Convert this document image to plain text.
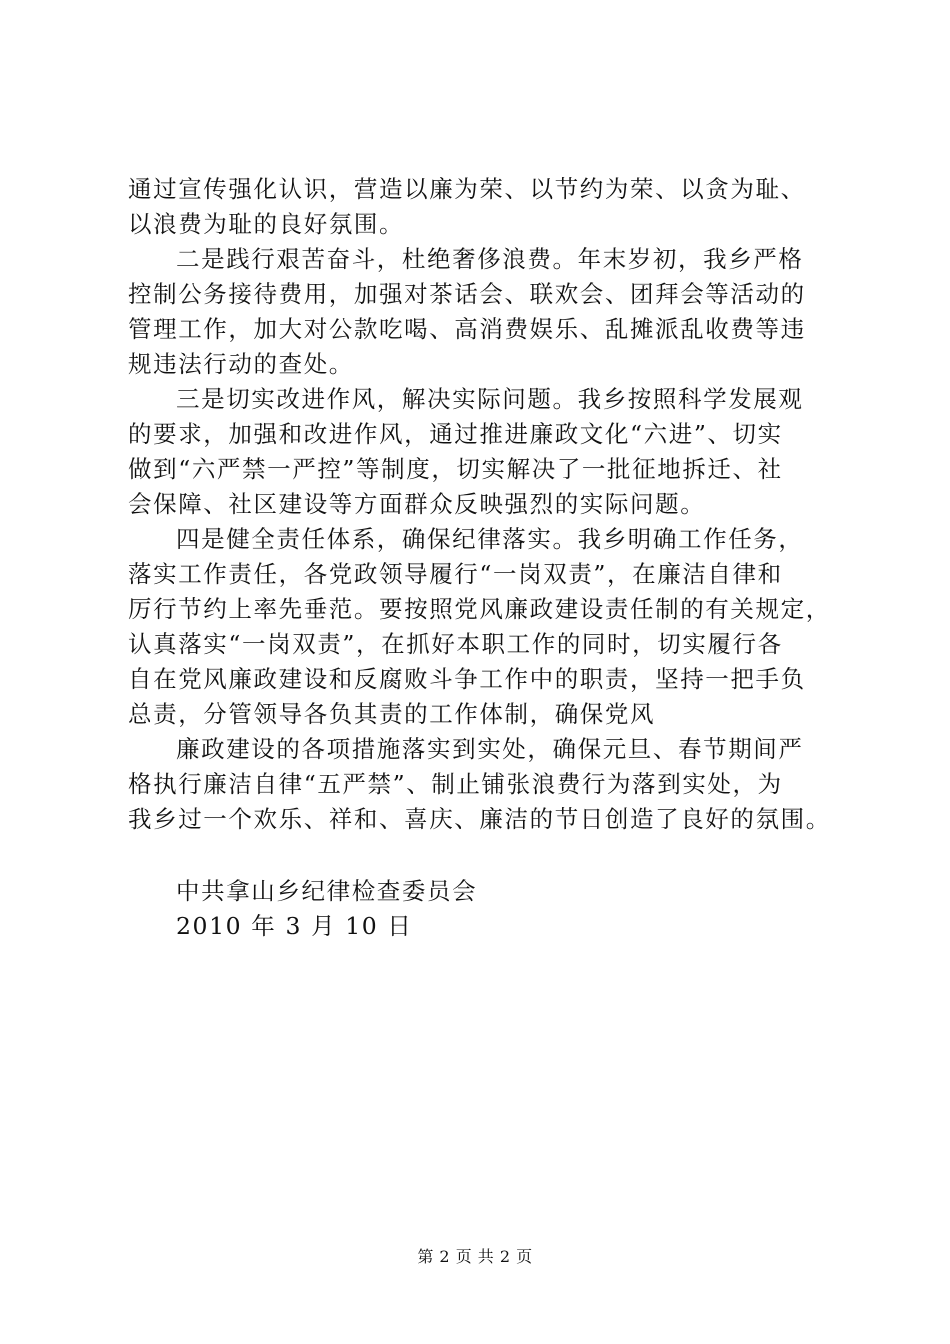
通过宣传强化认识，营造以廉为荣、以节约为荣、以贪为耻、
以浪费为耻的良好氛围。
二是践行艰苦奋斗，杜绝奢侈浪费。年末岁初，我乡严格
控制公务接待费用，加强对茶话会、联欢会、团拜会等活动的
管理工作，加大对公款吃喝、高消费娱乐、乱摊派乱收费等违
规违法行动的查处。
三是切实改进作风，解决实际问题。我乡按照科学发展观
的要求，加强和改进作风，通过推进廉政文化“六进”、切实
做到“六严禁一严控”等制度，切实解决了一批征地拆迁、社
会保障、社区建设等方面群众反映强烈的实际问题。
四是健全责任体系，确保纪律落实。我乡明确工作任务，
落实工作责任，各党政领导履行“一岗双责”，在廉洁自律和
厉行节约上率先垂范。要按照党风廉政建设责任制的有关规定，
认真落实“一岗双责”，在抓好本职工作的同时，切实履行各
自在党风廉政建设和反腐败斗争工作中的职责，坚持一把手负
总责，分管领导各负其责的工作体制，确保党风
廉政建设的各项措施落实到实处，确保元旦、春节期间严
格执行廉洁自律“五严禁”、制止铺张浪费行为落到实处，为
我乡过一个欢乐、祥和、喜庆、廉洁的节日创造了良好的氛围。
中共拿山乡纪律检查委员会
2010 年 3 月 10 日
第 2 页 共 2 页
